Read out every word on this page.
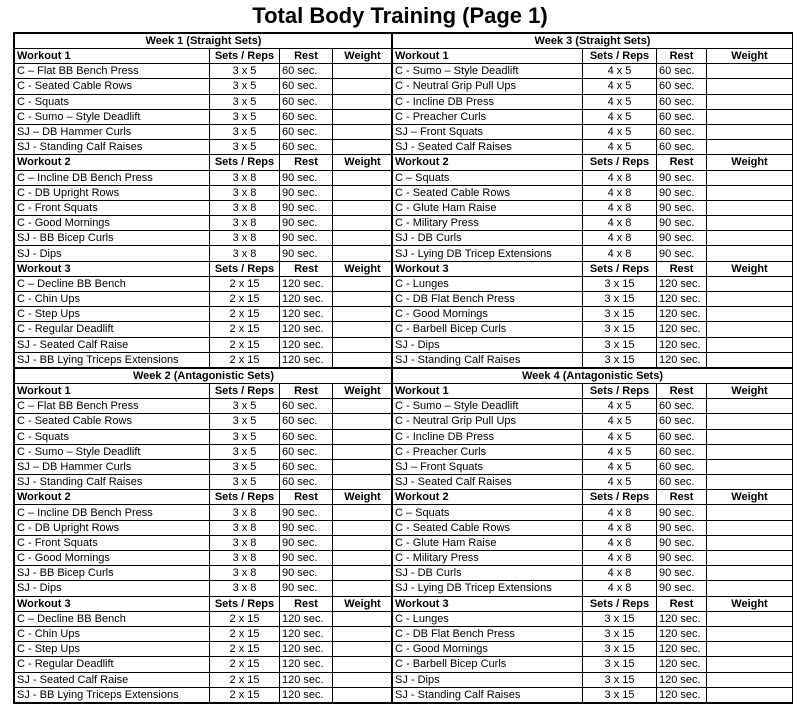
Total Body Training (Page 1)
Week 1 (Straight Sets)			
Workout 1	Sets / Reps	Rest	Weight
C – Flat BB Bench Press	3 x 5	60 sec.	
C - Seated Cable Rows	3 x 5	60 sec.	
C - Squats	3 x 5	60 sec.	
C - Sumo – Style Deadlift	3 x 5	60 sec.	
SJ – DB Hammer Curls	3 x 5	60 sec.	
SJ - Standing Calf Raises	3 x 5	60 sec.	
Workout 2	Sets / Reps	Rest	Weight
C – Incline DB Bench Press	3 x 8	90 sec.	
C - DB Upright Rows	3 x 8	90 sec.	
C - Front Squats	3 x 8	90 sec.	
C - Good Mornings	3 x 8	90 sec.	
SJ - BB Bicep Curls	3 x 8	90 sec.	
SJ - Dips	3 x 8	90 sec.	
Workout 3	Sets / Reps	Rest	Weight
C – Decline BB Bench	2 x 15	120 sec.	
C - Chin Ups	2 x 15	120 sec.	
C - Step Ups	2 x 15	120 sec.	
C - Regular Deadlift	2 x 15	120 sec.	
SJ - Seated Calf Raise	2 x 15	120 sec.	
SJ - BB Lying Triceps Extensions	2 x 15	120 sec.	
Week 2 (Antagonistic Sets)			
Workout 1	Sets / Reps	Rest	Weight
C – Flat BB Bench Press	3 x 5	60 sec.	
C - Seated Cable Rows	3 x 5	60 sec.	
C - Squats	3 x 5	60 sec.	
C - Sumo – Style Deadlift	3 x 5	60 sec.	
SJ – DB Hammer Curls	3 x 5	60 sec.	
SJ - Standing Calf Raises	3 x 5	60 sec.	
Workout 2	Sets / Reps	Rest	Weight
C – Incline DB Bench Press	3 x 8	90 sec.	
C - DB Upright Rows	3 x 8	90 sec.	
C - Front Squats	3 x 8	90 sec.	
C - Good Mornings	3 x 8	90 sec.	
SJ - BB Bicep Curls	3 x 8	90 sec.	
SJ - Dips	3 x 8	90 sec.	
Workout 3	Sets / Reps	Rest	Weight
C – Decline BB Bench	2 x 15	120 sec.	
C - Chin Ups	2 x 15	120 sec.	
C - Step Ups	2 x 15	120 sec.	
C - Regular Deadlift	2 x 15	120 sec.	
SJ - Seated Calf Raise	2 x 15	120 sec.	
SJ - BB Lying Triceps Extensions	2 x 15	120 sec.	
Week 3 (Straight Sets)			
Workout 1	Sets / Reps	Rest	Weight
C - Sumo – Style Deadlift	4 x 5	60 sec.	
C - Neutral Grip Pull Ups	4 x 5	60 sec.	
C - Incline DB Press	4 x 5	60 sec.	
C - Preacher Curls	4 x 5	60 sec.	
SJ – Front Squats	4 x 5	60 sec.	
SJ - Seated Calf Raises	4 x 5	60 sec.	
Workout 2	Sets / Reps	Rest	Weight
C – Squats	4 x 8	90 sec.	
C - Seated Cable Rows	4 x 8	90 sec.	
C - Glute Ham Raise	4 x 8	90 sec.	
C - Military Press	4 x 8	90 sec.	
SJ - DB Curls	4 x 8	90 sec.	
SJ - Lying DB Tricep Extensions	4 x 8	90 sec.	
Workout 3	Sets / Reps	Rest	Weight
C - Lunges	3 x 15	120 sec.	
C - DB Flat Bench Press	3 x 15	120 sec.	
C - Good Mornings	3 x 15	120 sec.	
C - Barbell Bicep Curls	3 x 15	120 sec.	
SJ - Dips	3 x 15	120 sec.	
SJ - Standing Calf Raises	3 x 15	120 sec.	
Week 4 (Antagonistic Sets)			
Workout 1	Sets / Reps	Rest	Weight
C - Sumo – Style Deadlift	4 x 5	60 sec.	
C - Neutral Grip Pull Ups	4 x 5	60 sec.	
C - Incline DB Press	4 x 5	60 sec.	
C - Preacher Curls	4 x 5	60 sec.	
SJ – Front Squats	4 x 5	60 sec.	
SJ - Seated Calf Raises	4 x 5	60 sec.	
Workout 2	Sets / Reps	Rest	Weight
C – Squats	4 x 8	90 sec.	
C - Seated Cable Rows	4 x 8	90 sec.	
C - Glute Ham Raise	4 x 8	90 sec.	
C - Military Press	4 x 8	90 sec.	
SJ - DB Curls	4 x 8	90 sec.	
SJ - Lying DB Tricep Extensions	4 x 8	90 sec.	
Workout 3	Sets / Reps	Rest	Weight
C - Lunges	3 x 15	120 sec.	
C - DB Flat Bench Press	3 x 15	120 sec.	
C - Good Mornings	3 x 15	120 sec.	
C - Barbell Bicep Curls	3 x 15	120 sec.	
SJ - Dips	3 x 15	120 sec.	
SJ - Standing Calf Raises	3 x 15	120 sec.	
